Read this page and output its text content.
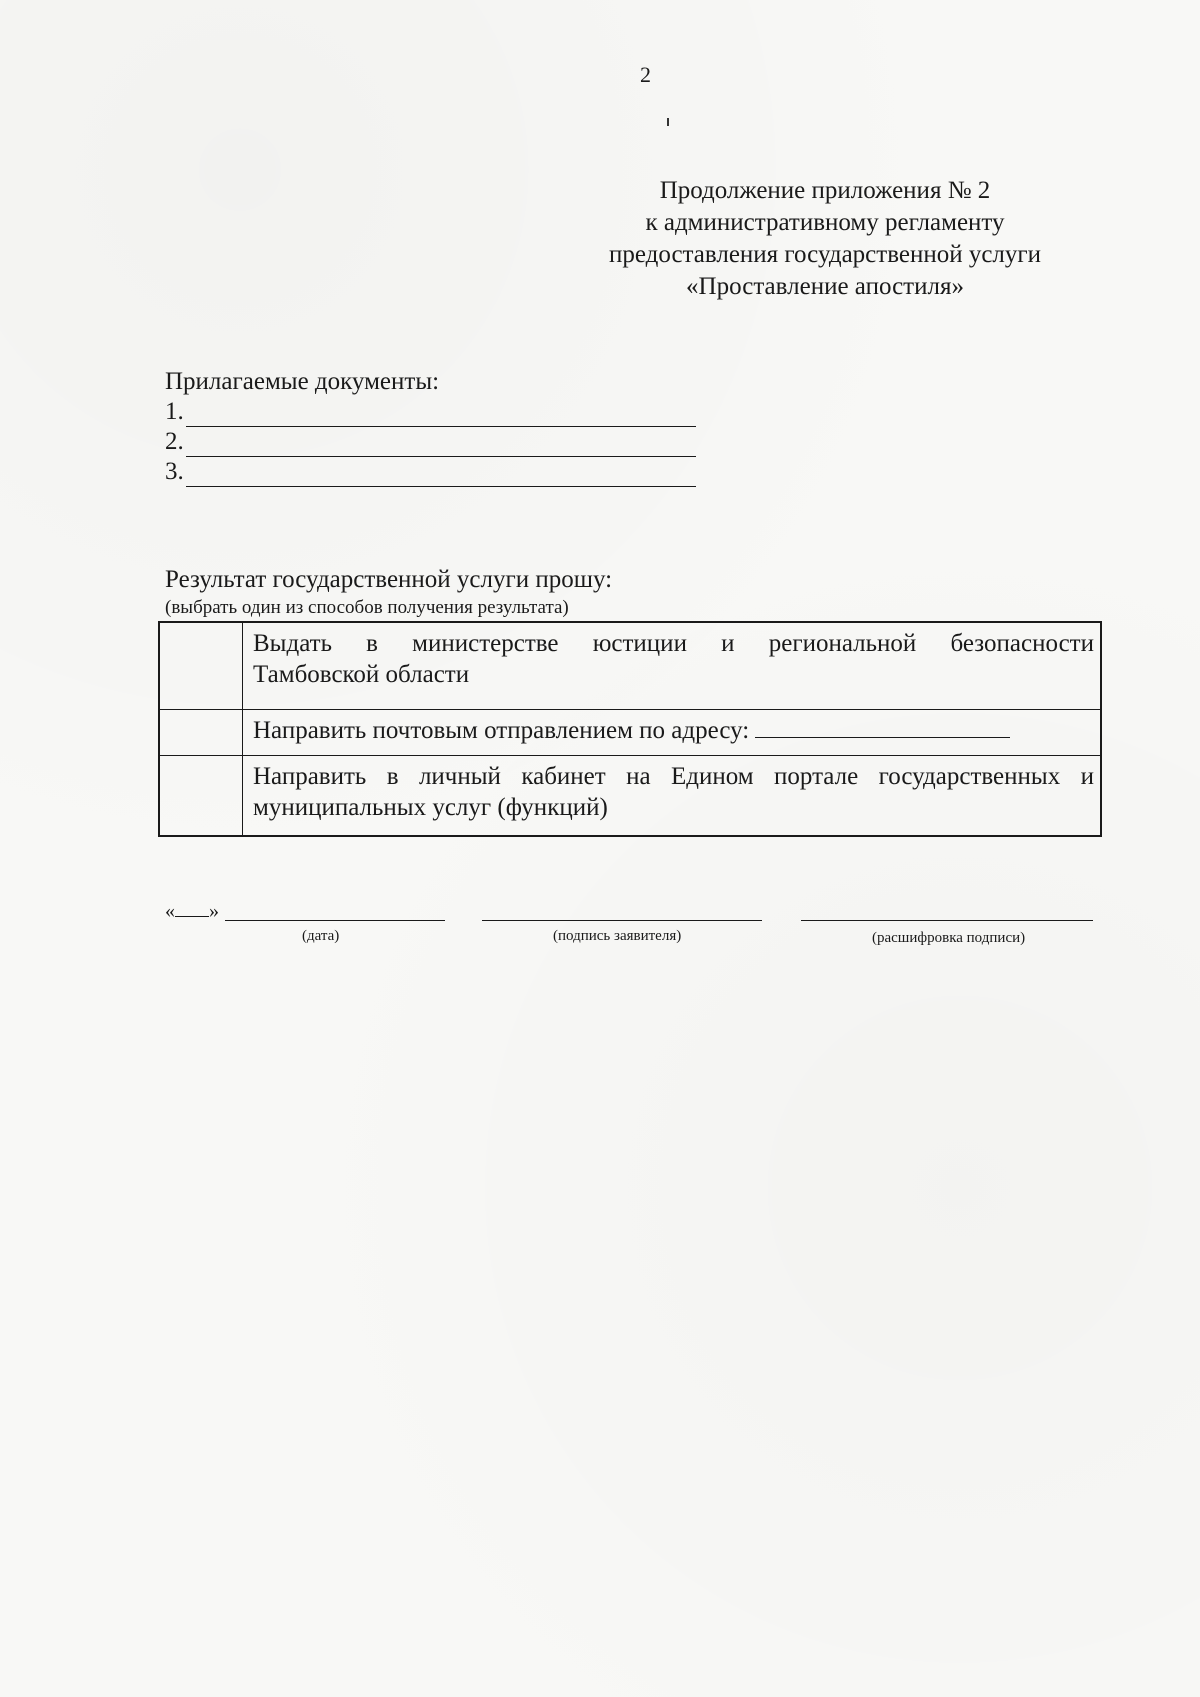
2
Продолжение приложения № 2
к административному регламенту
предоставления государственной услуги
«Проставление апостиля»
Прилагаемые документы:
1.
2.
3.
Результат государственной услуги прошу:
(выбрать один из способов получения результата)

	Выдать в министерстве юстиции и региональной безопасности
Тамбовской области
	Направить почтовым отправлением по адресу:

	Направить в личный кабинет на Едином портале государственных и
муниципальных услуг (функций)
« »
(дата)	(подпись заявителя)	(расшифровка подписи)
